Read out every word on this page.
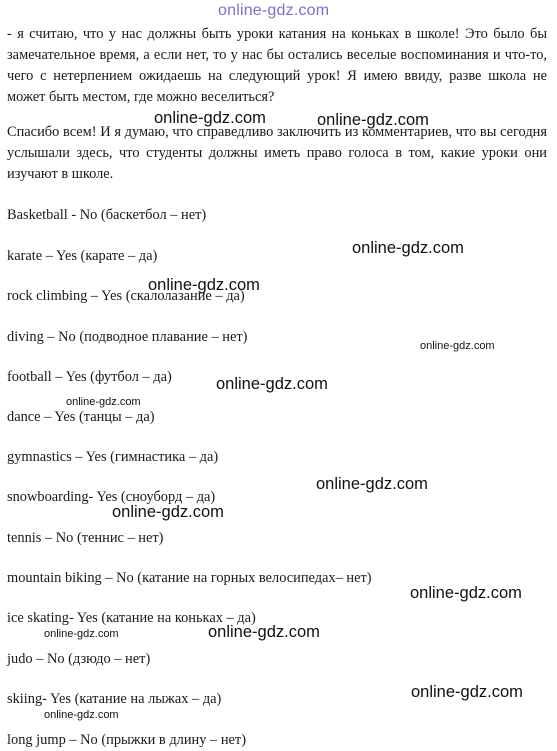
online-gdz.com
- я считаю, что у нас должны быть уроки катания на коньках в школе! Это было бы замечательное время, а если нет, то у нас бы остались веселые воспоминания и что-то, чего с нетерпением ожидаешь на следующий урок! Я имею ввиду, разве школа не может быть местом, где можно веселиться?
Спасибо всем! И я думаю, что справедливо заключить из комментариев, что вы сегодня услышали здесь, что студенты должны иметь право голоса в том, какие уроки они изучают в школе.
Basketball - No (баскетбол – нет)
karate – Yes (карате – да)
rock climbing – Yes (скалолазание – да)
diving – No (подводное плавание – нет)
football – Yes (футбол – да)
dance – Yes (танцы – да)
gymnastics – Yes (гимнастика – да)
snowboarding- Yes (сноуборд – да)
tennis – No (теннис – нет)
mountain biking – No (катание на горных велосипедах– нет)
ice skating- Yes (катание на коньках – да)
judo – No (дзюдо – нет)
skiing- Yes (катание на лыжах – да)
long jump – No (прыжки в длину – нет)
online-gdz.com	online-gdz.com
online-gdz.com
online-gdz.com
online-gdz.com
online-gdz.com
online-gdz.com
online-gdz.com
online-gdz.com
online-gdz.com
online-gdz.com
online-gdz.com
online-gdz.com
online-gdz.com
